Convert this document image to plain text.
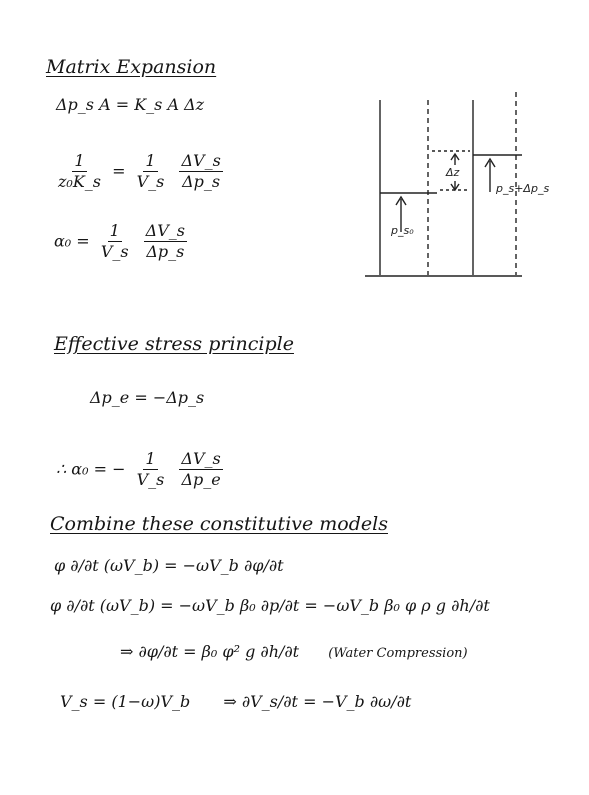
Matrix Expansion
Δp_s A = K_s A Δz
$\frac{1}{\text{z₀K\_s}} = \frac{1}{V\_s}$
$\frac{\Delta V\_s}{\Delta p\_s}$
$\alpha_0 = \frac{1}{V\_s}$
$\frac{\Delta V\_s}{\Delta p\_s}$	p_s₀
Δz
p_s+Δp_s
Effective stress principle
Δp_e = −Δp_s
∴ α₀ = − $\frac{1}{V\_s}$
$\frac{\Delta V\_s}{\Delta p\_e}$
Combine these constitutive models
φ ∂/∂t (ωV_b) = −ωV_b ∂φ/∂t
φ ∂/∂t (ωV_b) = −ωV_b β₀ ∂p/∂t = −ωV_b β₀ φ ρ g ∂h/∂t
⇒ ∂φ/∂t = β₀ φ² g ∂h/∂t (Water Compression)
V_s = (1−ω)V_b ⇒ ∂V_s/∂t = −V_b ∂ω/∂t
